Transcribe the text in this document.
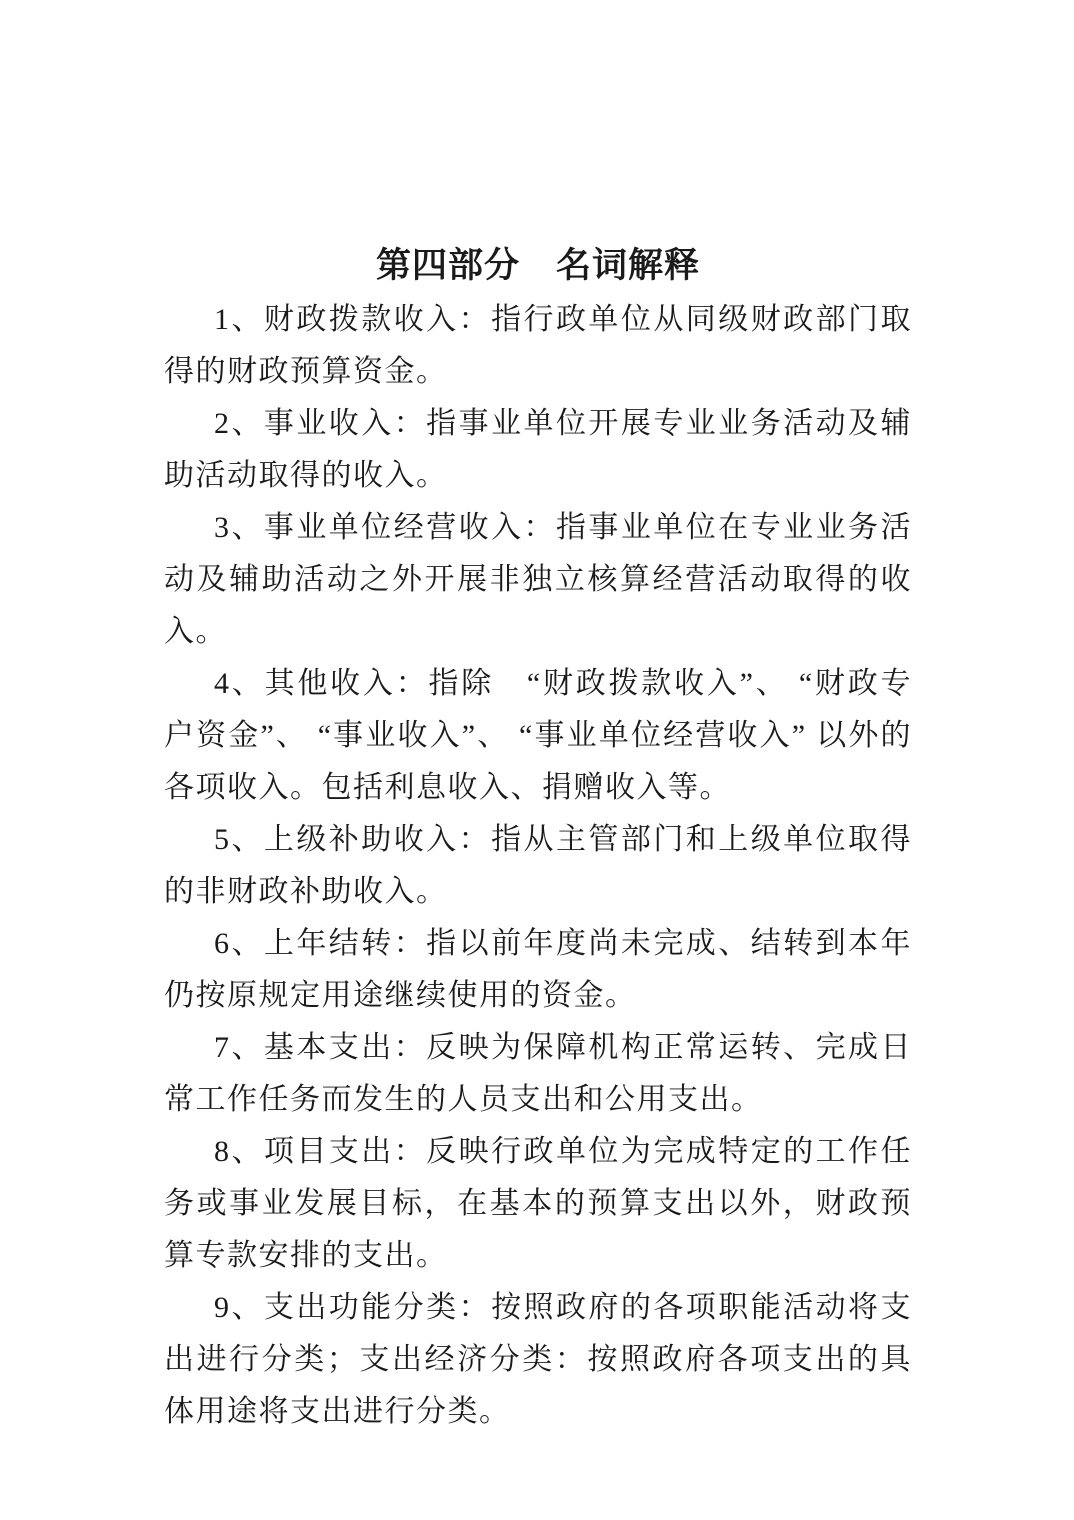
第四部分　名词解释

1、财政拨款收入：指行政单位从同级财政部门取得的财政预算资金。

2、事业收入：指事业单位开展专业业务活动及辅助活动取得的收入。

3、事业单位经营收入：指事业单位在专业业务活动及辅助活动之外开展非独立核算经营活动取得的收入。

4、其他收入：指除　“财政拨款收入”、 “财政专户资金”、 “事业收入”、 “事业单位经营收入” 以外的各项收入。包括利息收入、捐赠收入等。

5、上级补助收入：指从主管部门和上级单位取得的非财政补助收入。

6、上年结转：指以前年度尚未完成、结转到本年仍按原规定用途继续使用的资金。

7、基本支出：反映为保障机构正常运转、完成日常工作任务而发生的人员支出和公用支出。

8、项目支出：反映行政单位为完成特定的工作任务或事业发展目标，在基本的预算支出以外，财政预算专款安排的支出。

9、支出功能分类：按照政府的各项职能活动将支出进行分类；支出经济分类：按照政府各项支出的具体用途将支出进行分类。
